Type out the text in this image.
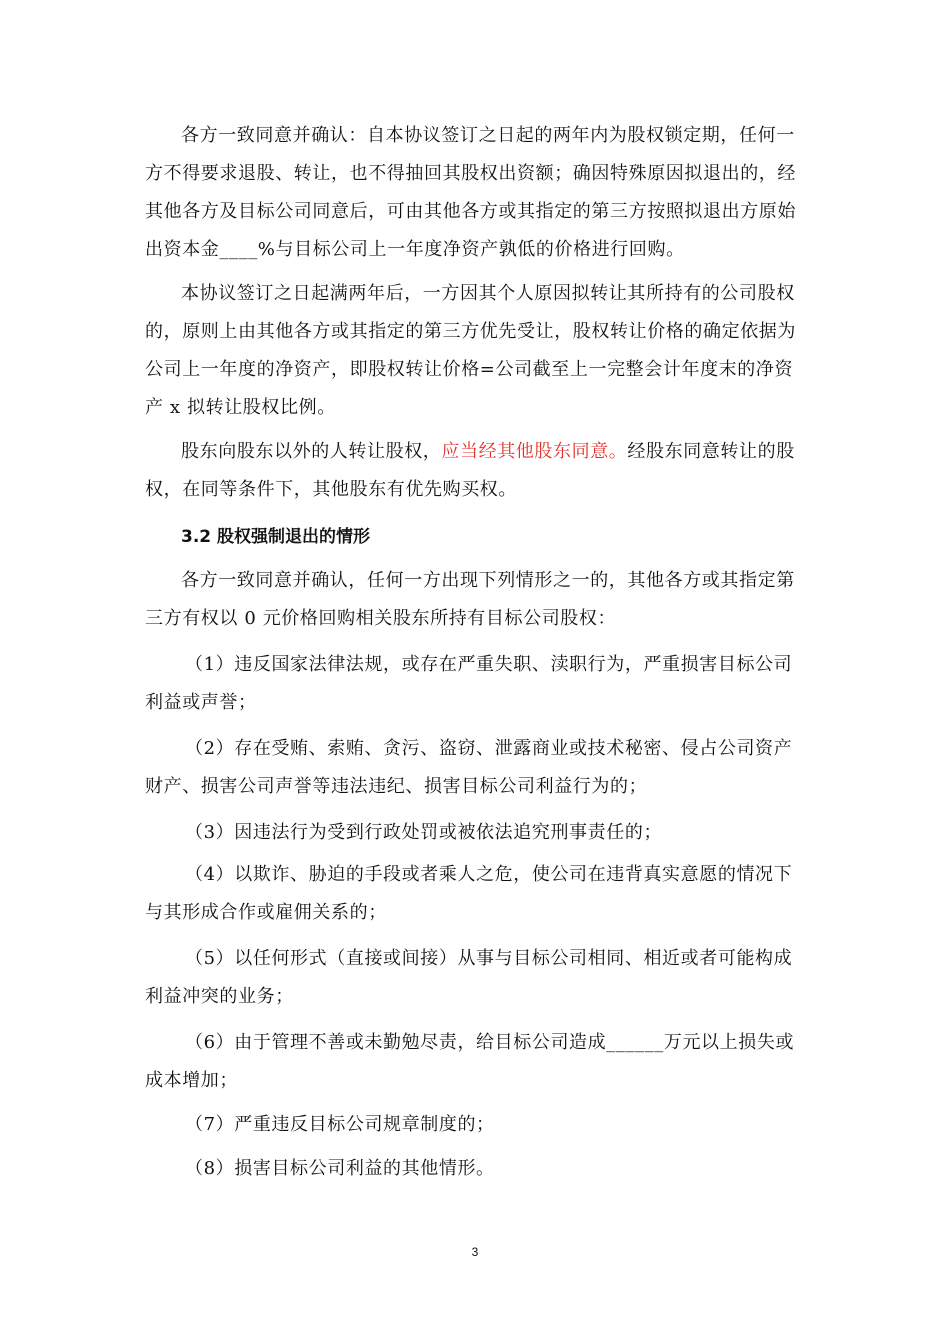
各方一致同意并确认：自本协议签订之日起的两年内为股权锁定期，任何一方不得要求退股、转让，也不得抽回其股权出资额；确因特殊原因拟退出的，经其他各方及目标公司同意后，可由其他各方或其指定的第三方按照拟退出方原始出资本金____%与目标公司上一年度净资产孰低的价格进行回购。
本协议签订之日起满两年后，一方因其个人原因拟转让其所持有的公司股权的，原则上由其他各方或其指定的第三方优先受让，股权转让价格的确定依据为公司上一年度的净资产，即股权转让价格=公司截至上一完整会计年度末的净资产 x 拟转让股权比例。
股东向股东以外的人转让股权，应当经其他股东同意。经股东同意转让的股权，在同等条件下，其他股东有优先购买权。
3.2 股权强制退出的情形
各方一致同意并确认，任何一方出现下列情形之一的，其他各方或其指定第三方有权以 0 元价格回购相关股东所持有目标公司股权：
（1）违反国家法律法规，或存在严重失职、渎职行为，严重损害目标公司利益或声誉；
（2）存在受贿、索贿、贪污、盗窃、泄露商业或技术秘密、侵占公司资产财产、损害公司声誉等违法违纪、损害目标公司利益行为的；
（3）因违法行为受到行政处罚或被依法追究刑事责任的；
（4）以欺诈、胁迫的手段或者乘人之危，使公司在违背真实意愿的情况下与其形成合作或雇佣关系的；
（5）以任何形式（直接或间接）从事与目标公司相同、相近或者可能构成利益冲突的业务；
（6）由于管理不善或未勤勉尽责，给目标公司造成______万元以上损失或成本增加；
（7）严重违反目标公司规章制度的；
（8）损害目标公司利益的其他情形。
3
